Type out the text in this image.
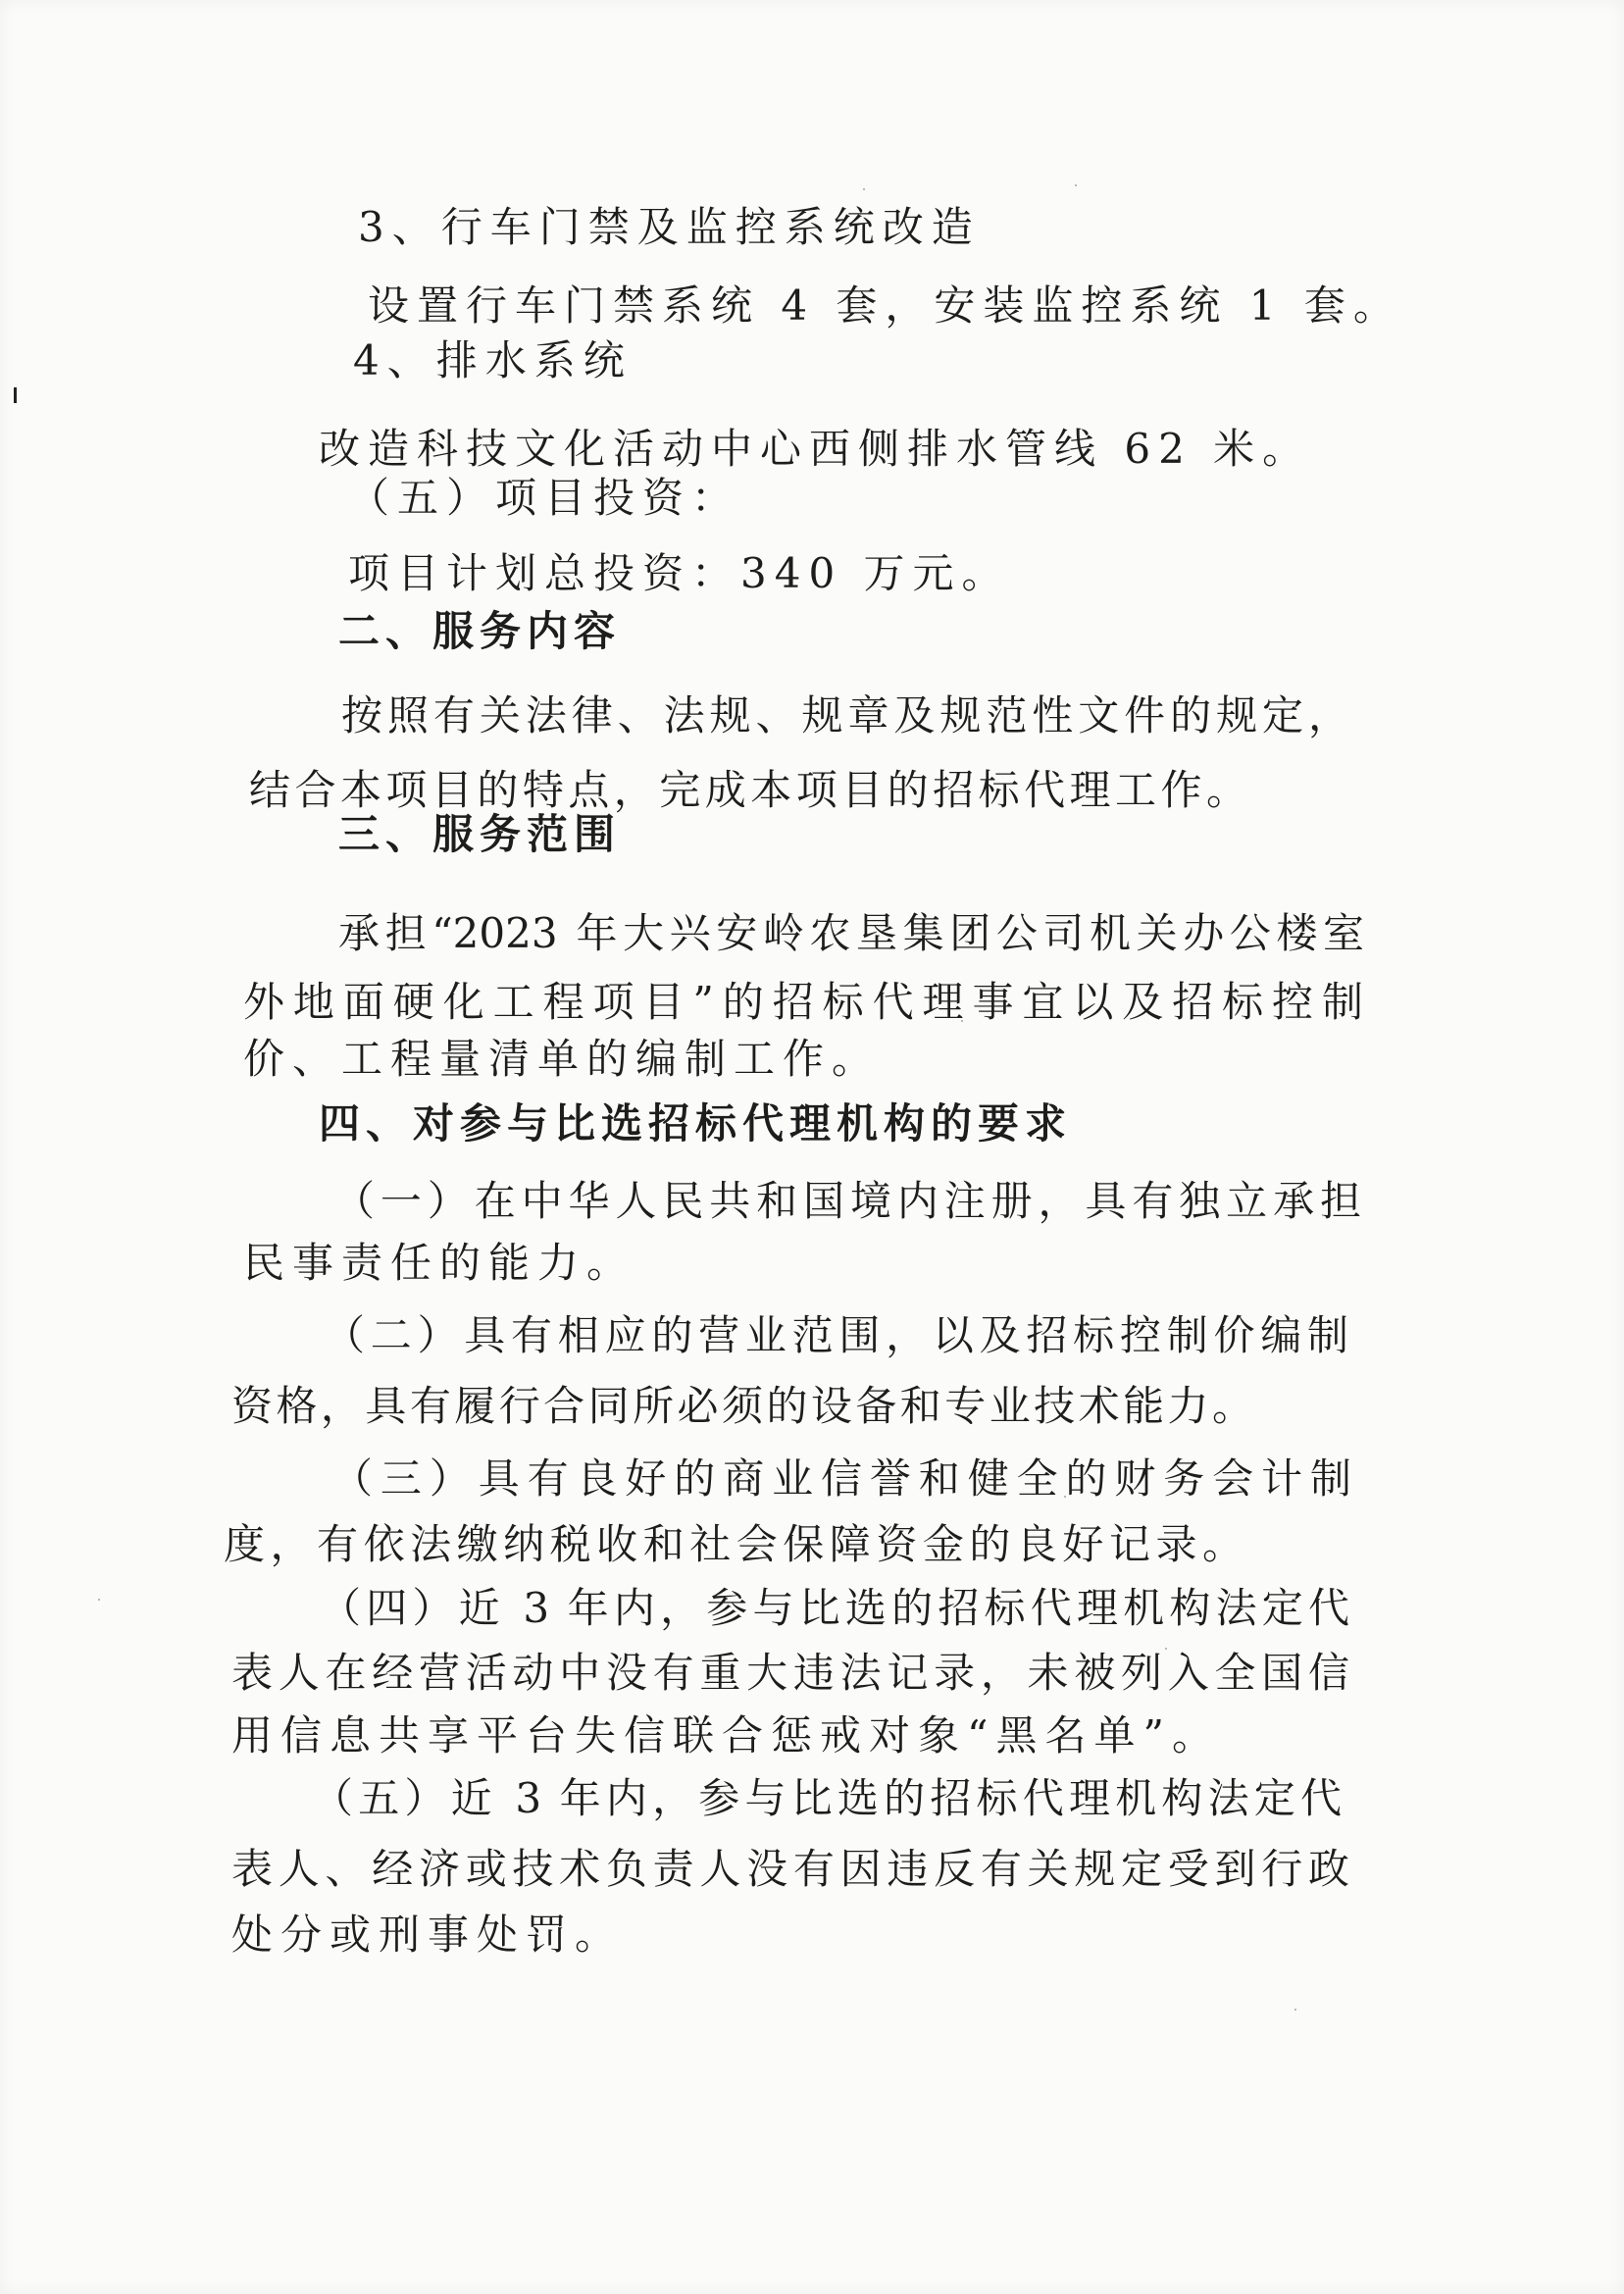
3、行车门禁及监控系统改造
设置行车门禁系统 4 套，安装监控系统 1 套。
4、排水系统
改造科技文化活动中心西侧排水管线 62 米。
（五）项目投资：
项目计划总投资：340 万元。
二、服务内容
按照有关法律、法规、规章及规范性文件的规定，
结合本项目的特点，完成本项目的招标代理工作。
三、服务范围
承担“2023 年大兴安岭农垦集团公司机关办公楼室
外地面硬化工程项目”的招标代理事宜以及招标控制
价、工程量清单的编制工作。
四、对参与比选招标代理机构的要求
（一）在中华人民共和国境内注册，具有独立承担
民事责任的能力。
（二）具有相应的营业范围，以及招标控制价编制
资格，具有履行合同所必须的设备和专业技术能力。
（三）具有良好的商业信誉和健全的财务会计制
度，有依法缴纳税收和社会保障资金的良好记录。
（四）近 3 年内，参与比选的招标代理机构法定代
表人在经营活动中没有重大违法记录，未被列入全国信
用信息共享平台失信联合惩戒对象“黑名单”。
（五）近 3 年内，参与比选的招标代理机构法定代
表人、经济或技术负责人没有因违反有关规定受到行政
处分或刑事处罚。
